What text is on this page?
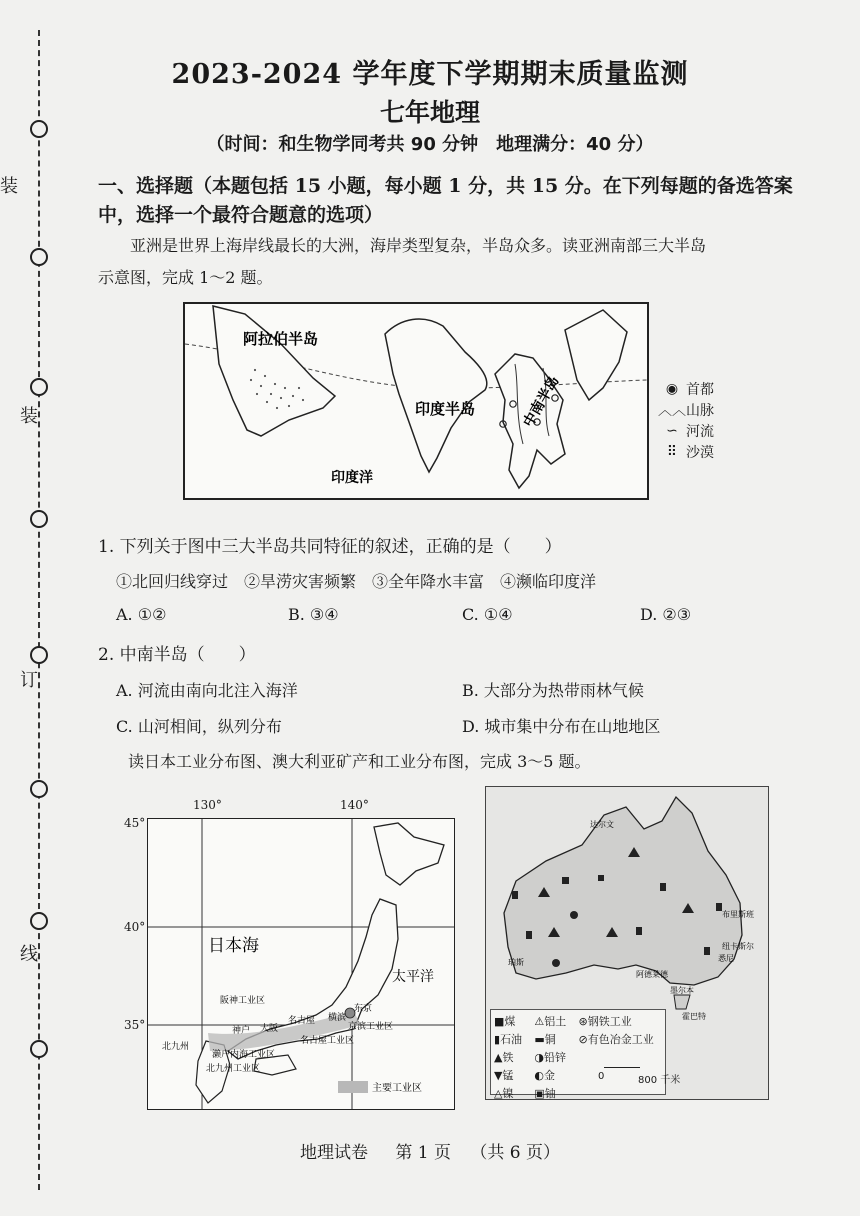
装
装
订
线
2023-2024 学年度下学期期末质量监测
七年地理
（时间：和生物学同考共 90 分钟　地理满分：40 分）
一、选择题（本题包括 15 小题，每小题 1 分，共 15 分。在下列每题的备选答案中，选择一个最符合题意的选项）
亚洲是世界上海岸线最长的大洲，海岸类型复杂，半岛众多。读亚洲南部三大半岛
示意图，完成 1～2 题。
阿拉伯半岛
印度半岛	中南半岛
印度洋
◉ 首都
︿︿ 山脉
∽ 河流
⠿ 沙漠
1. 下列关于图中三大半岛共同特征的叙述，正确的是（　　）
①北回归线穿过　②旱涝灾害频繁　③全年降水丰富　④濒临印度洋
A. ①②	B. ③④	C. ①④	D. ②③
2. 中南半岛（　　）
A. 河流由南向北注入海洋	B. 大部分为热带雨林气候
C. 山河相间，纵列分布	D. 城市集中分布在山地地区
读日本工业分布图、澳大利亚矿产和工业分布图，完成 3～5 题。
130°	140°
45°
40°
35°
日本海
太平洋
东京
横滨
名古屋
大阪
神户
北九州
阪神工业区
京滨工业区
名古屋工业区
濑户内海工业区
北九州工业区
主要工业区
达尔文
珀斯
墨尔本
悉尼
纽卡斯尔
阿德莱德
布里斯班
霍巴特
■煤	⚠铝土	⊛钢铁工业
▮石油	▬铜	⊘有色冶金工业
▲铁	◑铅锌
▼锰	◐金
△镍	▣铀
0	800 千米
地理试卷 第 1 页 （共 6 页）
